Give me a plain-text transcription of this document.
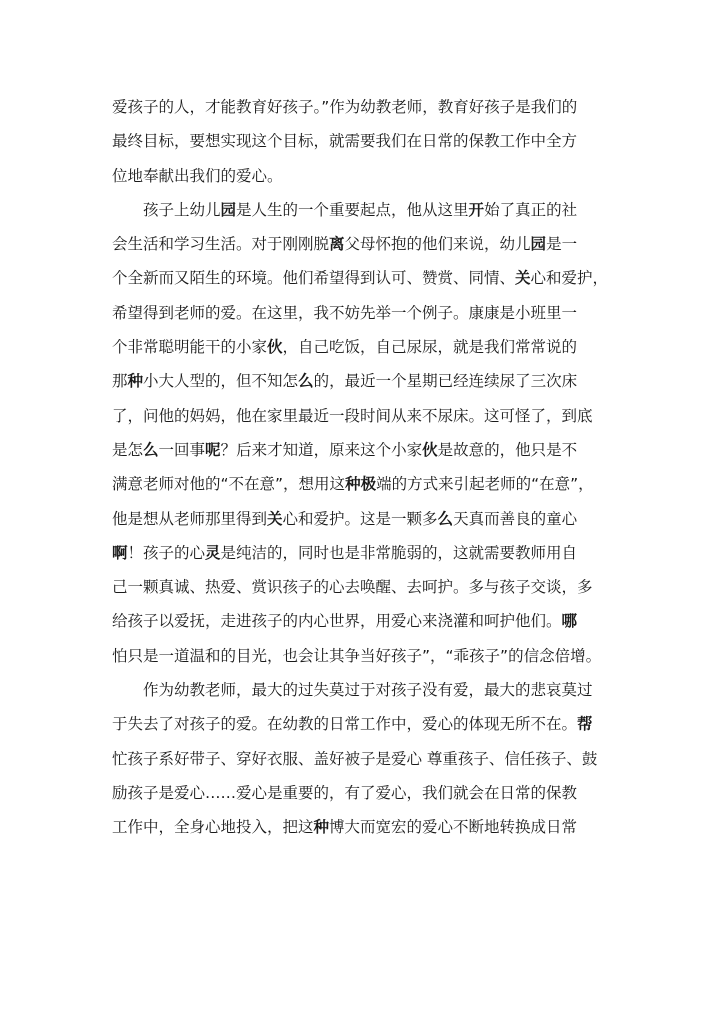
爱孩子的人，才能教育好孩子。”作为幼教老师，教育好孩子是我们的
最终目标，要想实现这个目标，就需要我们在日常的保教工作中全方
位地奉献出我们的爱心。
　　孩子上幼儿园是人生的一个重要起点，他从这里开始了真正的社
会生活和学习生活。对于刚刚脱离父母怀抱的他们来说，幼儿园是一
个全新而又陌生的环境。他们希望得到认可、赞赏、同情、关心和爱护，
希望得到老师的爱。在这里，我不妨先举一个例子。康康是小班里一
个非常聪明能干的小家伙，自己吃饭，自己尿尿，就是我们常常说的
那种小大人型的，但不知怎么的，最近一个星期已经连续尿了三次床
了，问他的妈妈，他在家里最近一段时间从来不尿床。这可怪了，到底
是怎么一回事呢？后来才知道，原来这个小家伙是故意的，他只是不
满意老师对他的“不在意”，想用这种极端的方式来引起老师的“在意”，
他是想从老师那里得到关心和爱护。这是一颗多么天真而善良的童心
啊！孩子的心灵是纯洁的，同时也是非常脆弱的，这就需要教师用自
己一颗真诚、热爱、赏识孩子的心去唤醒、去呵护。多与孩子交谈，多
给孩子以爱抚，走进孩子的内心世界，用爱心来浇灌和呵护他们。哪
怕只是一道温和的目光，也会让其争当好孩子”，“乖孩子”的信念倍增。
　　作为幼教老师，最大的过失莫过于对孩子没有爱，最大的悲哀莫过
于失去了对孩子的爱。在幼教的日常工作中，爱心的体现无所不在。帮
忙孩子系好带子、穿好衣服、盖好被子是爱心 尊重孩子、信任孩子、鼓
励孩子是爱心……爱心是重要的，有了爱心，我们就会在日常的保教
工作中，全身心地投入，把这种博大而宽宏的爱心不断地转换成日常
